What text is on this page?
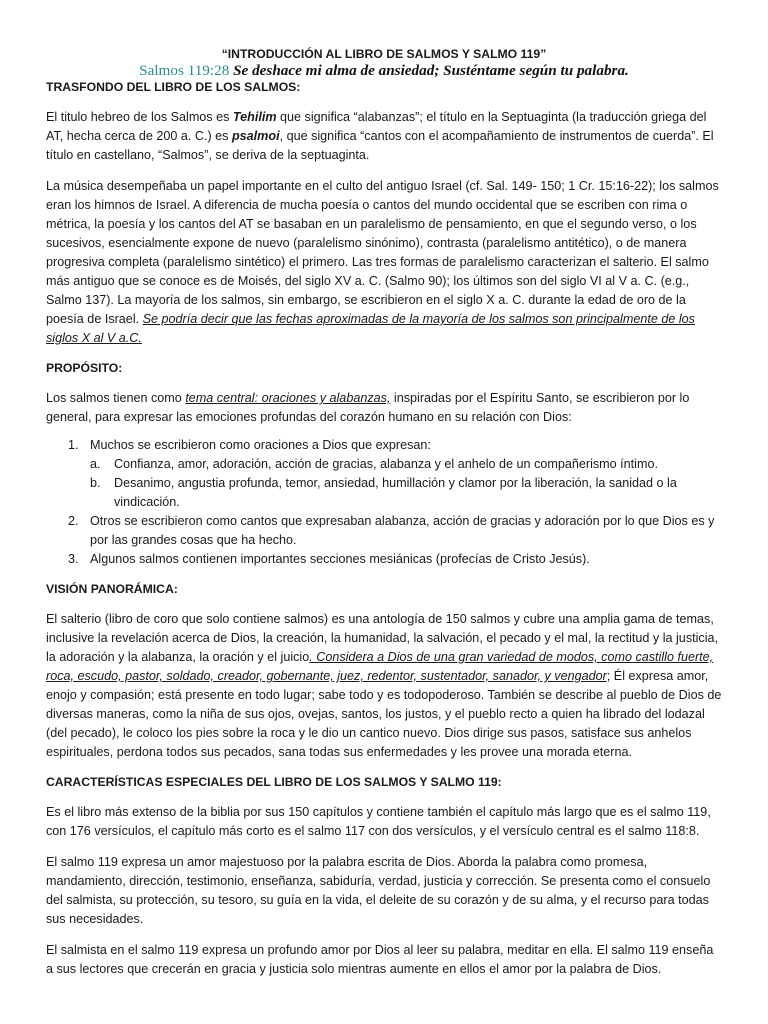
“INTRODUCCIÓN AL LIBRO DE SALMOS Y SALMO 119”

Salmos 119:28 Se deshace mi alma de ansiedad; Susténtame según tu palabra.

TRASFONDO DEL LIBRO DE LOS SALMOS:

El titulo hebreo de los Salmos es Tehilim que significa “alabanzas”; el título en la Septuaginta (la traducción griega del AT, hecha cerca de 200 a. C.) es psalmoi, que significa “cantos con el acompañamiento de instrumentos de cuerda”. El título en castellano, “Salmos”, se deriva de la septuaginta.

La música desempeñaba un papel importante en el culto del antiguo Israel (cf. Sal. 149- 150; 1 Cr. 15:16-22); los salmos eran los himnos de Israel. A diferencia de mucha poesía o cantos del mundo occidental que se escriben con rima o métrica, la poesía y los cantos del AT se basaban en un paralelismo de pensamiento, en que el segundo verso, o los sucesivos, esencialmente expone de nuevo (paralelismo sinónimo), contrasta (paralelismo antitético), o de manera progresiva completa (paralelismo sintético) el primero. Las tres formas de paralelismo caracterizan el salterio. El salmo más antiguo que se conoce es de Moisés, del siglo XV a. C. (Salmo 90); los últimos son del siglo VI al V a. C. (e.g., Salmo 137). La mayoría de los salmos, sin embargo, se escribieron en el siglo X a. C. durante la edad de oro de la poesía de Israel. Se podría decir que las fechas aproximadas de la mayoría de los salmos son principalmente de los siglos X al V a.C.

PROPÓSITO:

Los salmos tienen como tema central: oraciones y alabanzas, inspiradas por el Espíritu Santo, se escribieron por lo general, para expresar las emociones profundas del corazón humano en su relación con Dios:

1. Muchos se escribieron como oraciones a Dios que expresan:
a. Confianza, amor, adoración, acción de gracias, alabanza y el anhelo de un compañerismo íntimo.
b. Desanimo, angustia profunda, temor, ansiedad, humillación y clamor por la liberación, la sanidad o la vindicación.
2. Otros se escribieron como cantos que expresaban alabanza, acción de gracias y adoración por lo que Dios es y por las grandes cosas que ha hecho.
3. Algunos salmos contienen importantes secciones mesiánicas (profecías de Cristo Jesús).
VISIÓN PANORÁMICA:

El salterio (libro de coro que solo contiene salmos) es una antología de 150 salmos y cubre una amplia gama de temas, inclusive la revelación acerca de Dios, la creación, la humanidad, la salvación, el pecado y el mal, la rectitud y la justicia, la adoración y la alabanza, la oración y el juicio. Considera a Dios de una gran variedad de modos, como castillo fuerte, roca, escudo, pastor, soldado, creador, gobernante, juez, redentor, sustentador, sanador, y vengador; Él expresa amor, enojo y compasión; está presente en todo lugar; sabe todo y es todopoderoso. También se describe al pueblo de Dios de diversas maneras, como la niña de sus ojos, ovejas, santos, los justos, y el pueblo recto a quien ha librado del lodazal (del pecado), le coloco los pies sobre la roca y le dio un cantico nuevo. Dios dirige sus pasos, satisface sus anhelos espirituales, perdona todos sus pecados, sana todas sus enfermedades y les provee una morada eterna.

CARACTERÍSTICAS ESPECIALES DEL LIBRO DE LOS SALMOS Y SALMO 119:

Es el libro más extenso de la biblia por sus 150 capítulos y contiene también el capítulo más largo que es el salmo 119, con 176 versículos, el capítulo más corto es el salmo 117 con dos versículos, y el versículo central es el salmo 118:8.

El salmo 119 expresa un amor majestuoso por la palabra escrita de Dios. Aborda la palabra como promesa, mandamiento, dirección, testimonio, enseñanza, sabiduría, verdad, justicia y corrección. Se presenta como el consuelo del salmista, su protección, su tesoro, su guía en la vida, el deleite de su corazón y de su alma, y el recurso para todas sus necesidades.

El salmista en el salmo 119 expresa un profundo amor por Dios al leer su palabra, meditar en ella. El salmo 119 enseña a sus lectores que crecerán en gracia y justicia solo mientras aumente en ellos el amor por la palabra de Dios.
